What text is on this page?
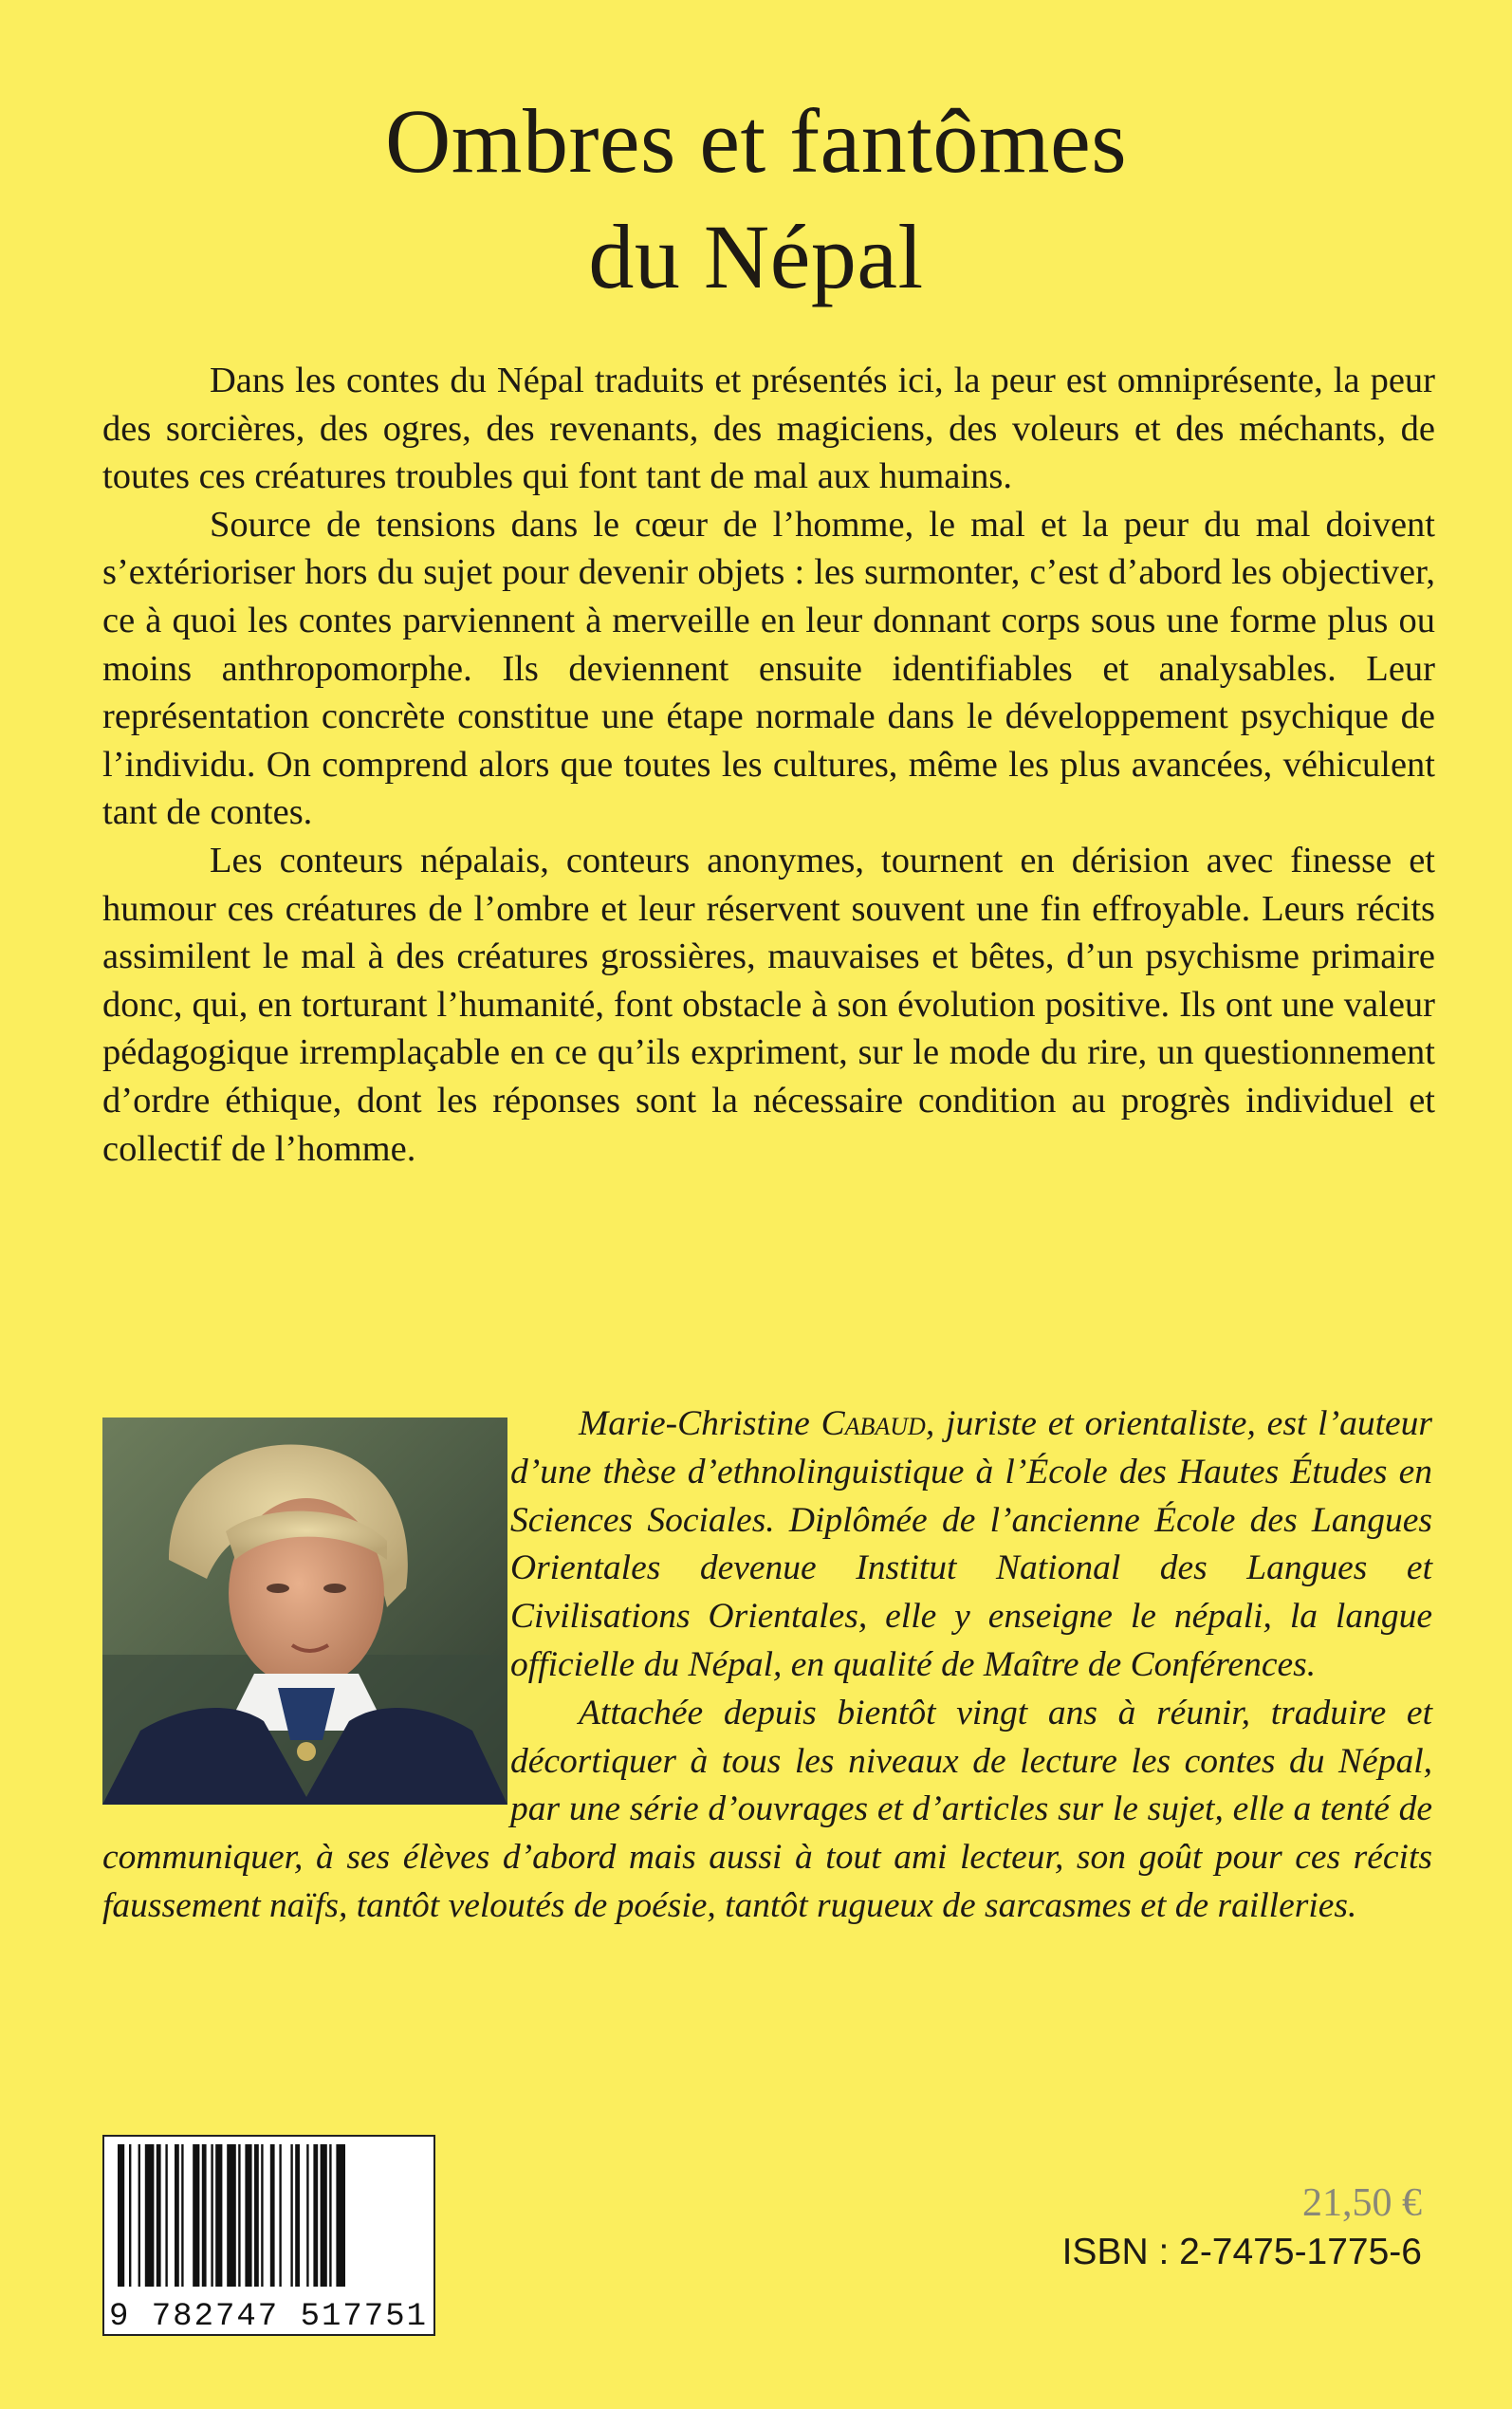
Ombres et fantômes
du Népal

Dans les contes du Népal traduits et présentés ici, la peur est omniprésente, la peur des sorcières, des ogres, des revenants, des magiciens, des voleurs et des méchants, de toutes ces créatures troubles qui font tant de mal aux humains.

Source de tensions dans le cœur de l’homme, le mal et la peur du mal doivent s’extérioriser hors du sujet pour devenir objets : les surmonter, c’est d’abord les objectiver, ce à quoi les contes parviennent à merveille en leur donnant corps sous une forme plus ou moins anthropomorphe. Ils deviennent ensuite identifiables et analysables. Leur représentation concrète constitue une étape normale dans le développement psychique de l’individu. On comprend alors que toutes les cultures, même les plus avancées, véhiculent tant de contes.

Les conteurs népalais, conteurs anonymes, tournent en dérision avec finesse et humour ces créatures de l’ombre et leur réservent souvent une fin effroyable. Leurs récits assimilent le mal à des créatures grossières, mauvaises et bêtes, d’un psychisme primaire donc, qui, en torturant l’humanité, font obstacle à son évolution positive. Ils ont une valeur pédagogique irremplaçable en ce qu’ils expriment, sur le mode du rire, un questionnement d’ordre éthique, dont les réponses sont la nécessaire condition au progrès individuel et collectif de l’homme.

Marie-Christine Cabaud, juriste et orientaliste, est l’auteur d’une thèse d’ethnolinguistique à l’École des Hautes Études en Sciences Sociales. Diplômée de l’ancienne École des Langues Orientales devenue Institut National des Langues et Civilisations Orientales, elle y enseigne le népali, la langue officielle du Népal, en qualité de Maître de Conférences.

Attachée depuis bientôt vingt ans à réunir, traduire et décortiquer à tous les niveaux de lecture les contes du Népal, par une série d’ouvrages et d’articles sur le sujet, elle a tenté de communiquer, à ses élèves d’abord mais aussi à tout ami lecteur, son goût pour ces récits faussement naïfs, tantôt veloutés de poésie, tantôt rugueux de sarcasmes et de railleries.

9 782747 517751
21,50 €
ISBN : 2-7475-1775-6
